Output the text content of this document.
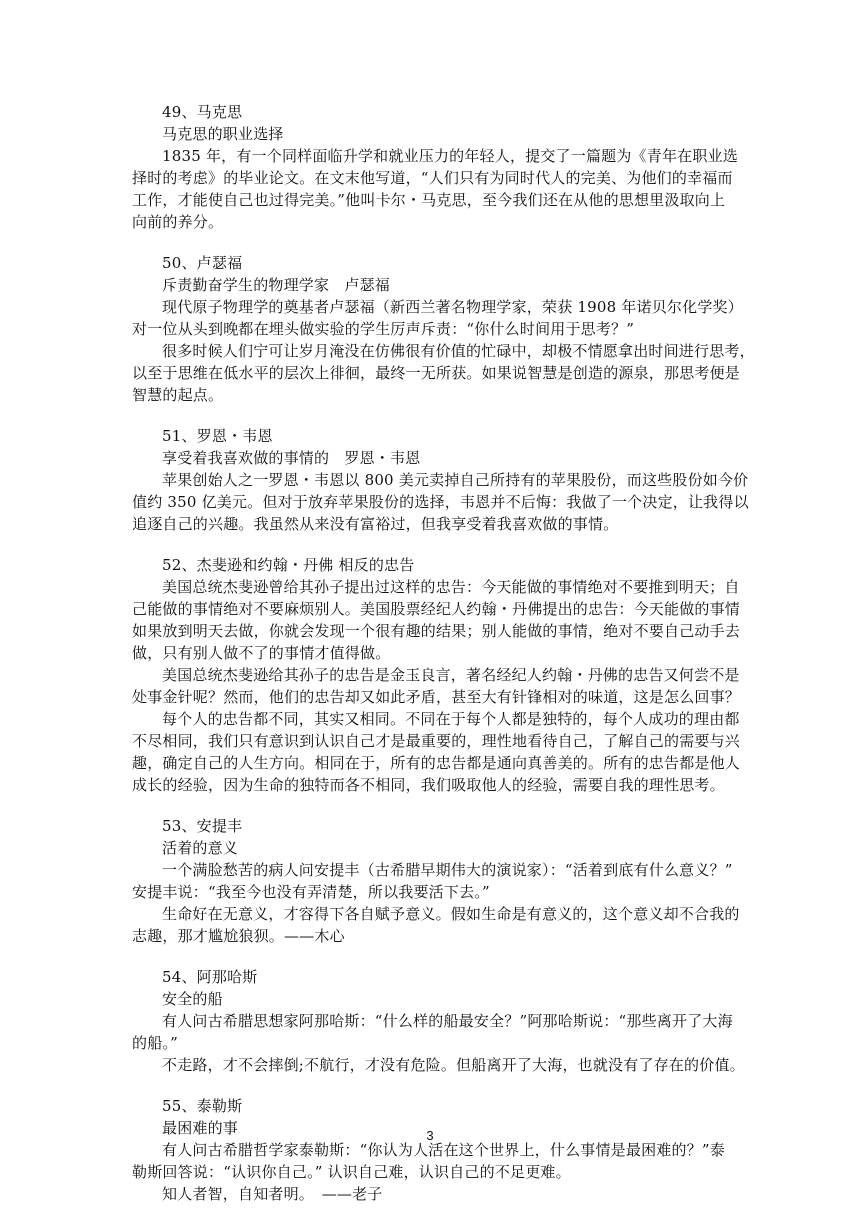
49、马克思

马克思的职业选择

1835 年，有一个同样面临升学和就业压力的年轻人，提交了一篇题为《青年在职业选

择时的考虑》的毕业论文。在文末他写道，“人们只有为同时代人的完美、为他们的幸福而

工作，才能使自己也过得完美。”他叫卡尔・马克思，至今我们还在从他的思想里汲取向上

向前的养分。

50、卢瑟福

斥责勤奋学生的物理学家　卢瑟福

现代原子物理学的奠基者卢瑟福（新西兰著名物理学家，荣获 1908 年诺贝尔化学奖）

对一位从头到晚都在埋头做实验的学生厉声斥责：“你什么时间用于思考？”

很多时候人们宁可让岁月淹没在仿佛很有价值的忙碌中，却极不情愿拿出时间进行思考，

以至于思维在低水平的层次上徘徊，最终一无所获。如果说智慧是创造的源泉，那思考便是

智慧的起点。

51、罗恩・韦恩

享受着我喜欢做的事情的　罗恩・韦恩

苹果创始人之一罗恩・韦恩以 800 美元卖掉自己所持有的苹果股份，而这些股份如今价

值约 350 亿美元。但对于放弃苹果股份的选择，韦恩并不后悔：我做了一个决定，让我得以

追逐自己的兴趣。我虽然从来没有富裕过，但我享受着我喜欢做的事情。

52、杰斐逊和约翰・丹佛 相反的忠告

美国总统杰斐逊曾给其孙子提出过这样的忠告：今天能做的事情绝对不要推到明天；自

己能做的事情绝对不要麻烦别人。美国股票经纪人约翰・丹佛提出的忠告：今天能做的事情

如果放到明天去做，你就会发现一个很有趣的结果；别人能做的事情，绝对不要自己动手去

做，只有别人做不了的事情才值得做。

美国总统杰斐逊给其孙子的忠告是金玉良言，著名经纪人约翰・丹佛的忠告又何尝不是

处事金针呢？然而，他们的忠告却又如此矛盾，甚至大有针锋相对的味道，这是怎么回事？

每个人的忠告都不同，其实又相同。不同在于每个人都是独特的，每个人成功的理由都

不尽相同，我们只有意识到认识自己才是最重要的，理性地看待自己，了解自己的需要与兴

趣，确定自己的人生方向。相同在于，所有的忠告都是通向真善美的。所有的忠告都是他人

成长的经验，因为生命的独特而各不相同，我们吸取他人的经验，需要自我的理性思考。

53、安提丰

活着的意义

一个满脸愁苦的病人问安提丰（古希腊早期伟大的演说家）：“活着到底有什么意义？”

安提丰说：“我至今也没有弄清楚，所以我要活下去。”

生命好在无意义，才容得下各自赋予意义。假如生命是有意义的，这个意义却不合我的

志趣，那才尴尬狼狈。——木心

54、阿那哈斯

安全的船

有人问古希腊思想家阿那哈斯：“什么样的船最安全？”阿那哈斯说：“那些离开了大海

的船。”

不走路，才不会摔倒;不航行，才没有危险。但船离开了大海，也就没有了存在的价值。

55、泰勒斯

最困难的事

有人问古希腊哲学家泰勒斯：“你认为人活在这个世界上，什么事情是最困难的？”泰

勒斯回答说：“认识你自己。” 认识自己难，认识自己的不足更难。

知人者智，自知者明。　——老子

3
